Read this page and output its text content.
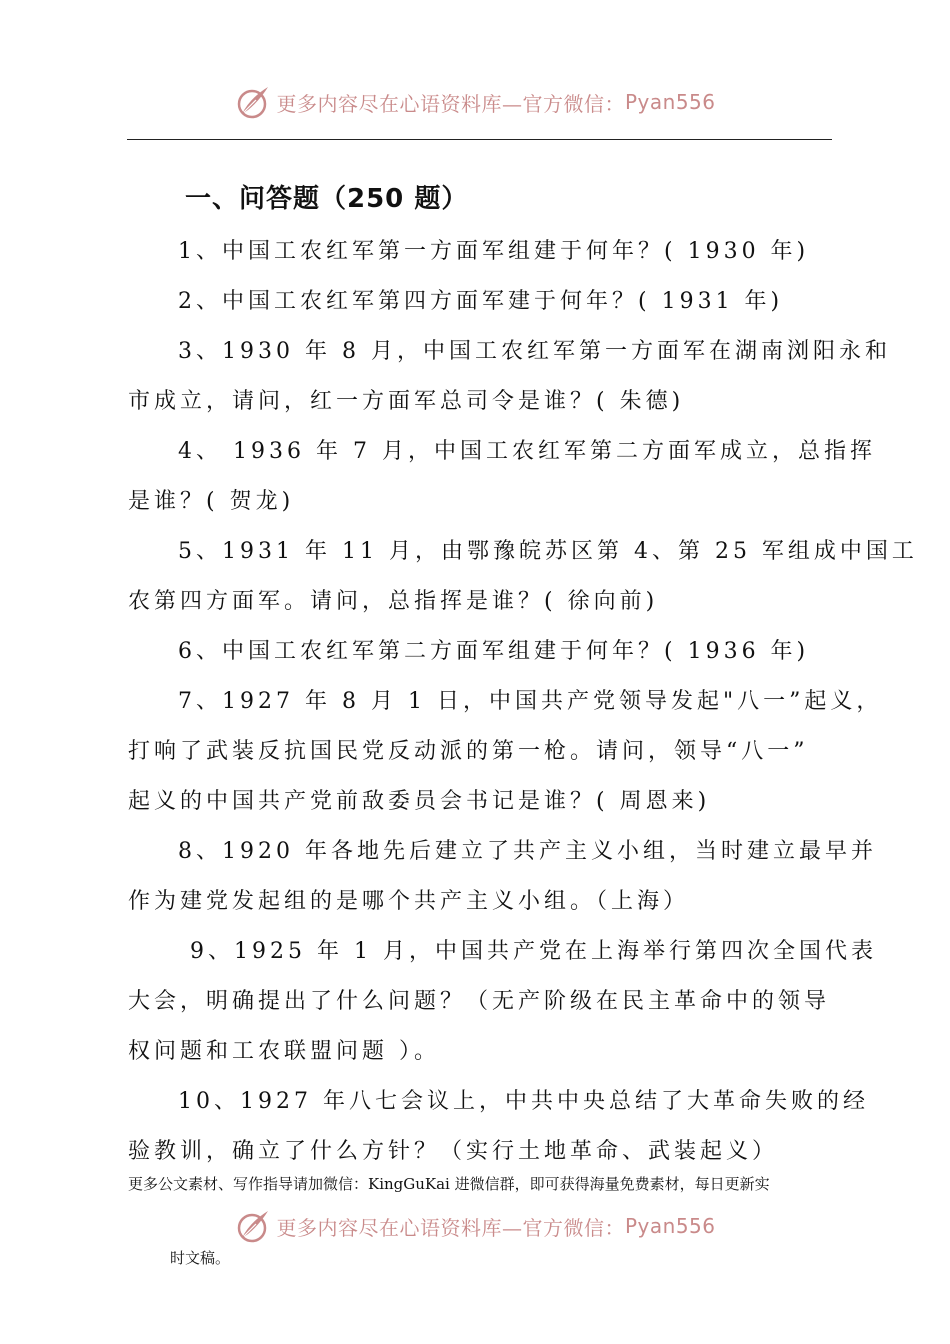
更多内容尽在心语资料库—官方微信： Pyan556
一、问答题（250 题）
1、中国工农红军第一方面军组建于何年？( 1930 年)
2、中国工农红军第四方面军建于何年？( 1931 年)
3、1930 年 8 月，中国工农红军第一方面军在湖南浏阳永和
市成立，请问，红一方面军总司令是谁？( 朱德)
4、 1936 年 7 月，中国工农红军第二方面军成立，总指挥
是谁？( 贺龙)
5、1931 年 11 月，由鄂豫皖苏区第 4、第 25 军组成中国工
农第四方面军。请问，总指挥是谁？( 徐向前)
6、中国工农红军第二方面军组建于何年？( 1936 年)
7、1927 年 8 月 1 日，中国共产党领导发起"八一”起义，
打响了武装反抗国民党反动派的第一枪。请问，领导“八一”
起义的中国共产党前敌委员会书记是谁？( 周恩来)
8、1920 年各地先后建立了共产主义小组，当时建立最早并
作为建党发起组的是哪个共产主义小组。（上海）
9、1925 年 1 月，中国共产党在上海举行第四次全国代表
大会，明确提出了什么问题？（无产阶级在民主革命中的领导
权问题和工农联盟问题 ）。
10、1927 年八七会议上，中共中央总结了大革命失败的经
验教训，确立了什么方针？（实行土地革命、武装起义）
更多公文素材、写作指导请加微信：KingGuKai 进微信群，即可获得海量免费素材，每日更新实
更多内容尽在心语资料库—官方微信： Pyan556
时文稿。
